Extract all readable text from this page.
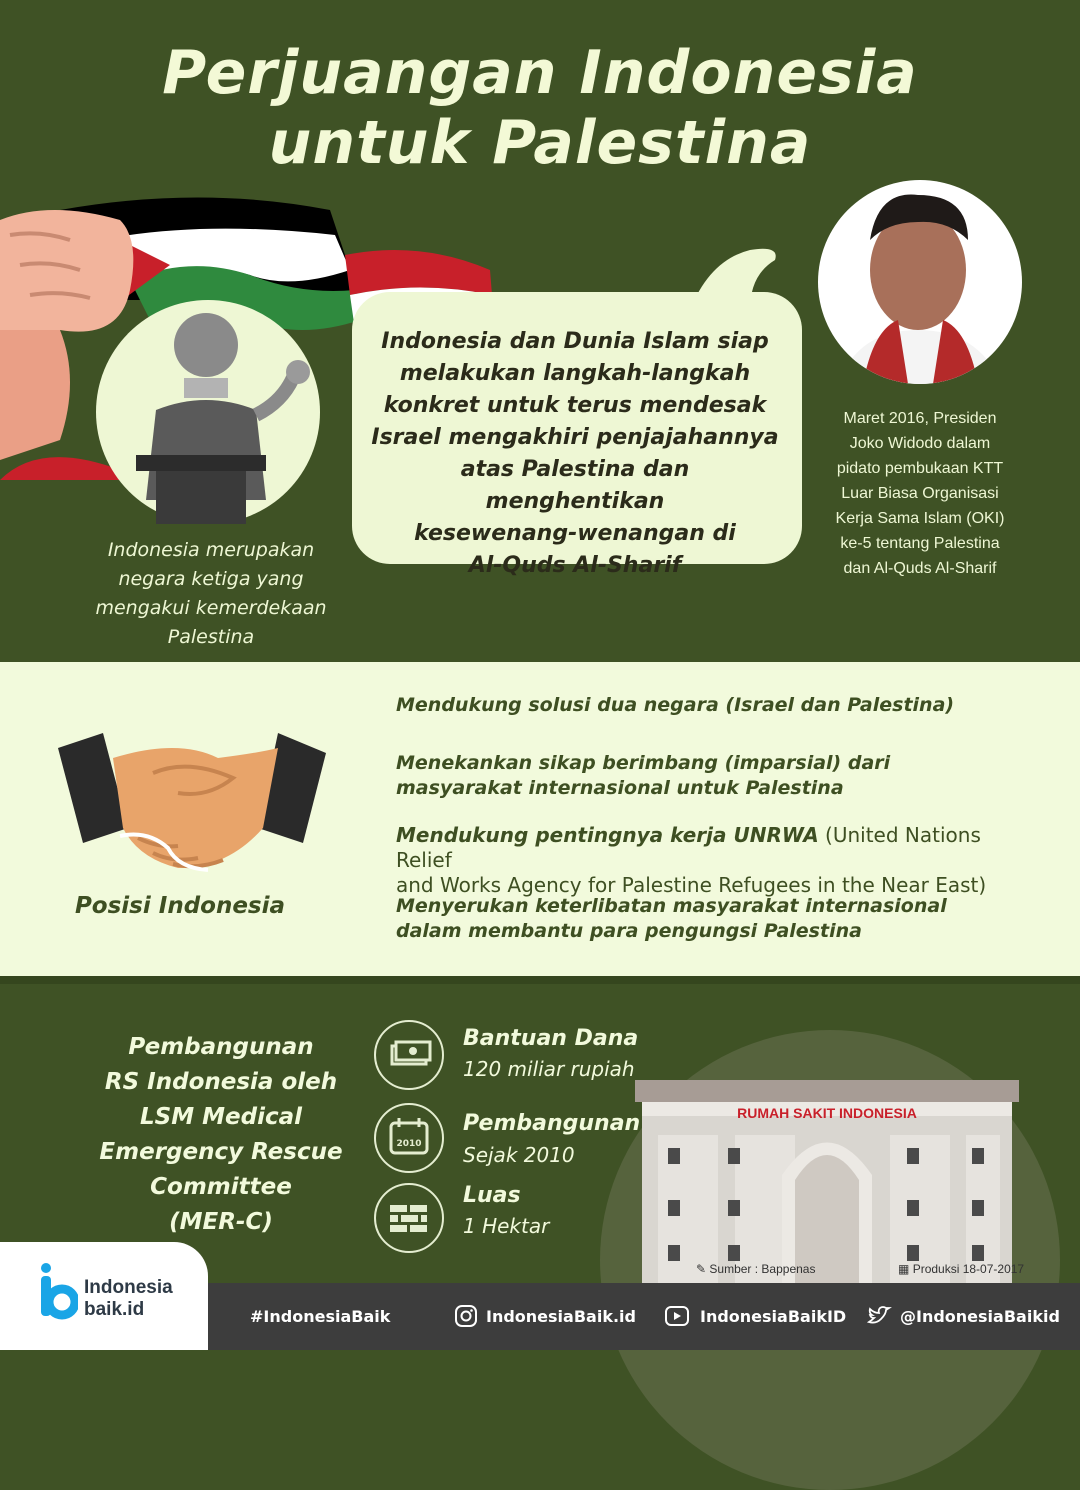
Perjuangan Indonesia
untuk Palestina
Indonesia dan Dunia Islam siap
melakukan langkah-langkah
konkret untuk terus mendesak
Israel mengakhiri penjajahannya
atas Palestina dan menghentikan
kesewenang-wenangan di
Al-Quds Al-Sharif
Indonesia merupakan
negara ketiga yang
mengakui kemerdekaan
Palestina
Maret 2016, Presiden
Joko Widodo dalam
pidato pembukaan KTT
Luar Biasa Organisasi
Kerja Sama Islam (OKI)
ke-5 tentang Palestina
dan Al-Quds Al-Sharif
Posisi Indonesia
Mendukung solusi dua negara (Israel dan Palestina)
Menekankan sikap berimbang (imparsial) dari
masyarakat internasional untuk Palestina
Mendukung pentingnya kerja UNRWA (United Nations Relief
and Works Agency for Palestine Refugees in the Near East)
Menyerukan keterlibatan masyarakat internasional
dalam membantu para pengungsi Palestina
Pembangunan
RS Indonesia oleh
LSM Medical
Emergency Rescue
Committee
(MER-C)
Bantuan Dana
120 miliar rupiah
2010
Pembangunan
Sejak 2010
Luas
1 Hektar
RUMAH SAKIT INDONESIA
✎ Sumber : Bappenas	▦ Produksi 18-07-2017
Indonesia
baik.id	#IndonesiaBaik	IndonesiaBaik.id	IndonesiaBaikID	@IndonesiaBaikid
